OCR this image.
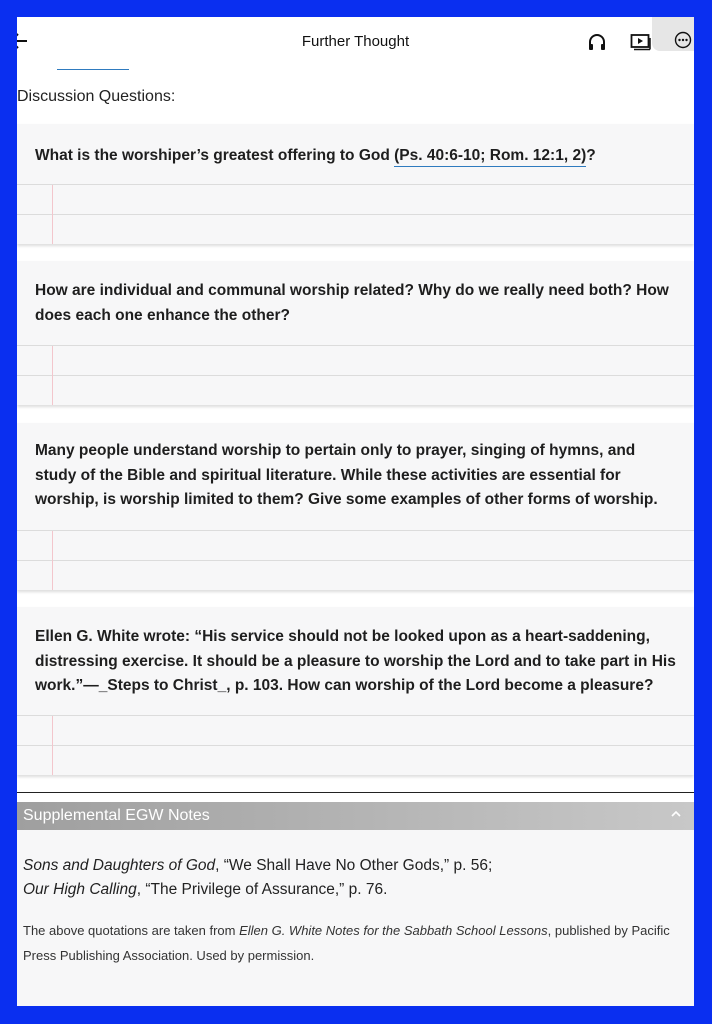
Further Thought
Discussion Questions:
What is the worshiper’s greatest offering to God (Ps. 40:6-10; Rom. 12:1, 2)?
How are individual and communal worship related? Why do we really need both? How does each one enhance the other?
Many people understand worship to pertain only to prayer, singing of hymns, and study of the Bible and spiritual literature. While these activities are essential for worship, is worship limited to them? Give some examples of other forms of worship.
Ellen G. White wrote: “His service should not be looked upon as a heart-saddening, distressing exercise. It should be a pleasure to worship the Lord and to take part in His work.”—_Steps to Christ_, p. 103. How can worship of the Lord become a pleasure?
Supplemental EGW Notes
Sons and Daughters of God, “We Shall Have No Other Gods,” p. 56;
Our High Calling, “The Privilege of Assurance,” p. 76.
The above quotations are taken from Ellen G. White Notes for the Sabbath School Lessons, published by Pacific Press Publishing Association. Used by permission.
